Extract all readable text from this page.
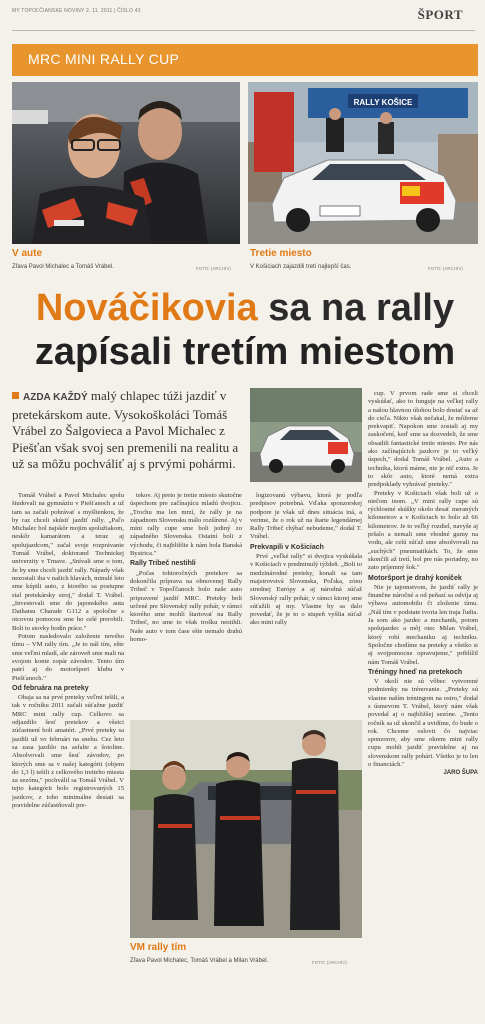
MY TOPOĽČIANSKE NOVINY 2. 11. 2011 | ČÍSLO 43	ŠPORT
MRC MINI RALLY CUP
V aute
Zľava Pavol Michalec a Tomáš Vrábel.	FOTO: (ARCHÍV)
RALLY KOŠICE
Tretie miesto
V Košiciach zajazdili tretí najlepší čas.	FOTO: (ARCHÍV)
Nováčikovia sa na rally
zapísali tretím miestom
AZDA KAŽDÝ malý chlapec túži jazdiť v pretekárskom aute. Vysokoškoláci Tomáš Vrábel zo Šalgovieca a Pavol Michalec z Piešťan však svoj sen premenili na realitu a už sa môžu pochváliť aj s prvými pohármi.

Tomáš Vrábel a Pavol Michalec spolu študovali na gymnáziu v Piešťanoch a už tam sa začali pohrávať s myšlienkou, že by raz chceli skúsiť jazdiť rally. „Paľo Michalec bol najskôr mojím spolužiakom, neskôr kamarátom a teraz aj spolujazdcom," začal svoje rozprávanie Tomáš Vrábel, doktorand Technickej univerzity v Trnave. „Snívali sme o tom, že by sme chceli jazdiť rally. Nápady však nezostali iba v našich hlavách, minulé leto sme kúpili auto, z ktorého sa postupne stal pretekársky stroj," dodal T. Vrábel. „Investovali sme do japonského auta Daihatsu Charade G112 a spoločne s otcovou pomocou sme ho celé prerobili. Boli to stovky hodín práce."

Potom nasledovalo založenie nového tímu – VM rally tím. „Je to náš tím, ešte sme veľmi mladí, ale zároveň sme mali na svojom konte zopár závodov. Tento tím patrí aj do motoršport klubu v Piešťanoch."

Od februára na preteky

Obaja sa na prvé preteky veľmi tešili, a tak v ročníku 2011 začali súťažne jazdiť MRC mini rally cup. Celkovo sa odjazdilo šesť pretekov a všetci zúčastnení boli amatéri. „Prvé preteky sa jazdili už vo februári na snehu. Cez leto sa zasa jazdilo na asfalte a šotoline. Absolvovali sme šesť závodov, po ktorých sme sa v našej kategórii (objem do 1,3 l) tešili z celkového tretieho miesta za sezónu," pochválil sa Tomáš Vrábel. V tejto kategórii bolo registrovaných 15 jazdcov, z toho minimálne desiati sa pravidelne zúčastňovali pre-

tekov. Aj preto je tretie miesto skutočne úspechom pre začínajúcu mladú dvojicu. „Trochu ma len mrzí, že rally je na západnom Slovensku málo rozšírené. Aj v mini rally cupe sme boli jediný zo západného Slovenska. Ostatní boli z východu, či najbližšie k nám bola Banská Bystrica."

Rally Tribeč nestihli

„Počas tohtoročných pretekov sa dokončila príprava na obnovenej Rally Tribeč v Topoľčanoch bolo naše auto pripravené jazdiť MRC. Preteky boli určené pre Slovenský rally pohár, v rámci ktorého sme mohli štartovať na Rally Tribeč, no sme to však trošku nestihli. Naše auto v tom čase ešte nemalo drahú homo-

logizovanú výbavu, ktorá je podľa predpisov potrebná. Vďaka sponzorskej podpore je však už dnes situácia iná, a verime, že o rok už na štarte legendárnej Rally Tribeč chýbať nebudeme," dodal T. Vrábel.

Prekvapili v Košiciach

Prvé „veľké rally" si dvojica vyskúšala v Košiciach v predminulý týždeň. „Boli to medzinárodné preteky, konali sa tam majstrovstvá Slovenska, Poľska, zónu strednej Európy a aj národná súťaž Slovenský rally pohár, v rámci ktorej sme súťažili aj my. Vlastne by sa dalo povedať, že je to o stupeň vyššia súťaž ako mini rally

cup. V prvom rade sme si chceli vyskúšať, ako to funguje na veľkej rally a našou hlavnou úlohou bolo dostať sa až do cieľa. Nikto však nečakal, že môžeme prekvapiť. Napokon sme zostali aj my zaskočení, keď sme sa dozvedeli, že sme obsadili fantastické tretie miesto. Pre nás ako začínajúcich jazdcov je to veľký úspech," dodal Tomáš Vrábel. „Auto a technika, ktorú máme, nie je nič extra. Je to skôr auto, ktoré nemá extra predpoklady vyhrávať preteky."

Preteky v Košiciach však boli už o niečom inom. „V mini rally cupe sú rýchlostné skúšky okolo desať meraných kilometrov a v Košiciach to bolo až 66 kilometrov. Je to veľký rozdiel, navyše aj pršalo a nemali sme vhodné gumy na vodu, ale celú súťaž sme absolvovali na „suchých" pneumatikách. To, že sme skončili až tretí, bol pre nás poriadny, no zato príjemný šok."

Motoršport je drahý koníček

Nie je tajomstvom, že jazdiť rally je finančne náročné a od peňazí sa odvíja aj výbava automobilu či zloženie tímu. „Náš tím v podstate tvoria len traja ľudia. Ja som ako jazdec a mechanik, potom spolujazdec a môj otec Milan Vrábel, ktorý robí mechaniku aj techniku. Spoločne chodíme na preteky a všetko si aj svojpomocne opravujeme," priblížil nám Tomáš Vrábel.

Tréningy hneď na pretekoch

V okolí nie sú vôbec vytvorené podmienky na trénovanie. „Preteky sú vlastne naším tréningom na ostro," dodal s úsmevom T. Vrábel, ktorý nám však povedal aj o najbližšej sezóne. „Tento ročník sa už skončil a uvidíme, čo bude o rok. Chceme oslovit čo najviac sponzorov, aby sme okrem mini rally cupu mohli jazdiť pravidelne aj na slovenskom rally pohári. Všetko je to len o financiách."

JARO ŠUPA
VM rally tím
Zľava Pavol Michalec, Tomáš Vrábel a Milan Vrábel.	FOTO: (ARCHÍV)
